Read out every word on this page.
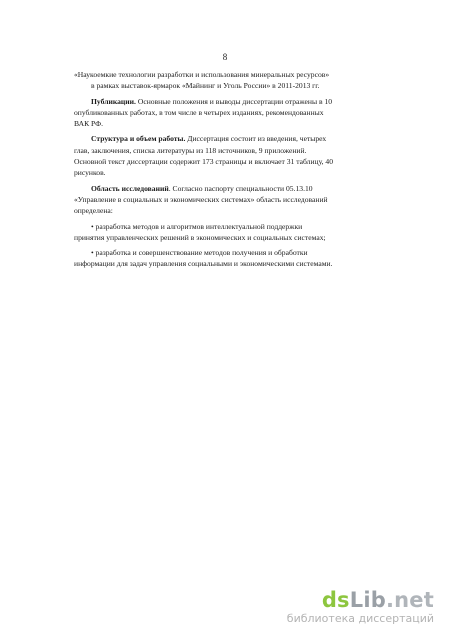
8

«Наукоемкие технологии разработки и использования минеральных ресурсов»
в рамках выставок-ярмарок «Майнинг и Уголь России» в 2011-2013 гг.

Публикации. Основные положения и выводы диссертации отражены в 10
опубликованных работах, в том числе в четырех изданиях, рекомендованных
ВАК РФ.

Структура и объем работы. Диссертация состоит из введения, четырех
глав, заключения, списка литературы из 118 источников, 9 приложений.
Основной текст диссертации содержит 173 страницы и включает 31 таблицу, 40
рисунков.

Область исследований. Согласно паспорту специальности 05.13.10
«Управление в социальных и экономических системах» область исследований
определена:

• разработка методов и алгоритмов интеллектуальной поддержки
принятия управленческих решений в экономических и социальных системах;

• разработка и совершенствование методов получения и обработки
информации для задач управления социальными и экономическими системами.

dsLib.net
библиотека диссертаций
